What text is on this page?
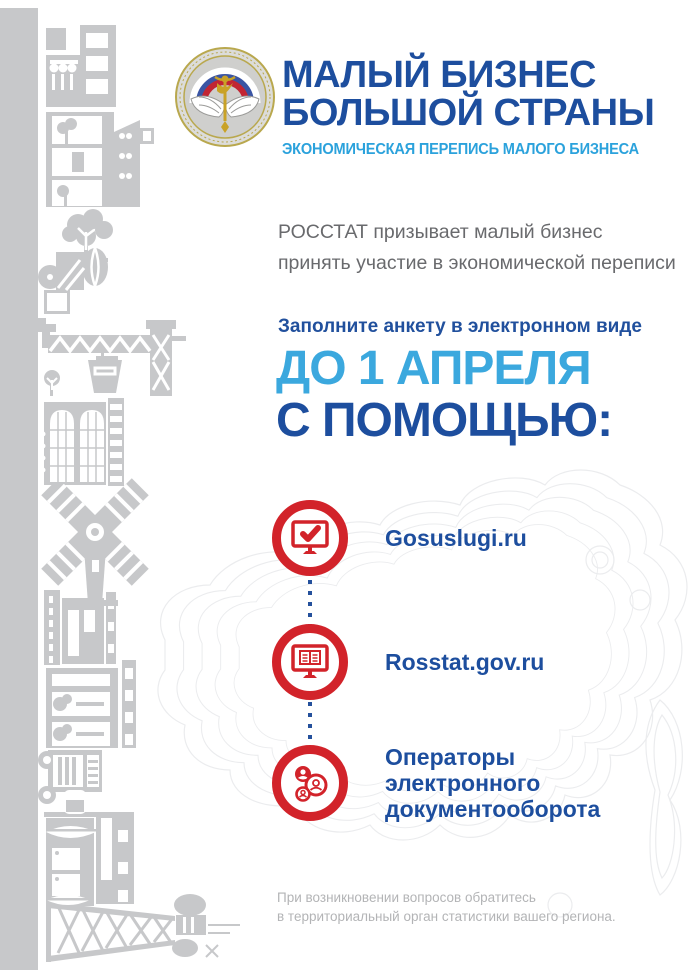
МАЛЫЙ БИЗНЕС
БОЛЬШОЙ СТРАНЫ
ЭКОНОМИЧЕСКАЯ ПЕРЕПИСЬ МАЛОГО БИЗНЕСА
РОССТАТ призывает малый бизнес
принять участие в экономической переписи
Заполните анкету в электронном виде
ДО 1 АПРЕЛЯ
С ПОМОЩЬЮ:
Gosuslugi.ru
Rosstat.gov.ru
Операторы электронного документооборота
При возникновении вопросов обратитесь
в территориальный орган статистики вашего региона.
